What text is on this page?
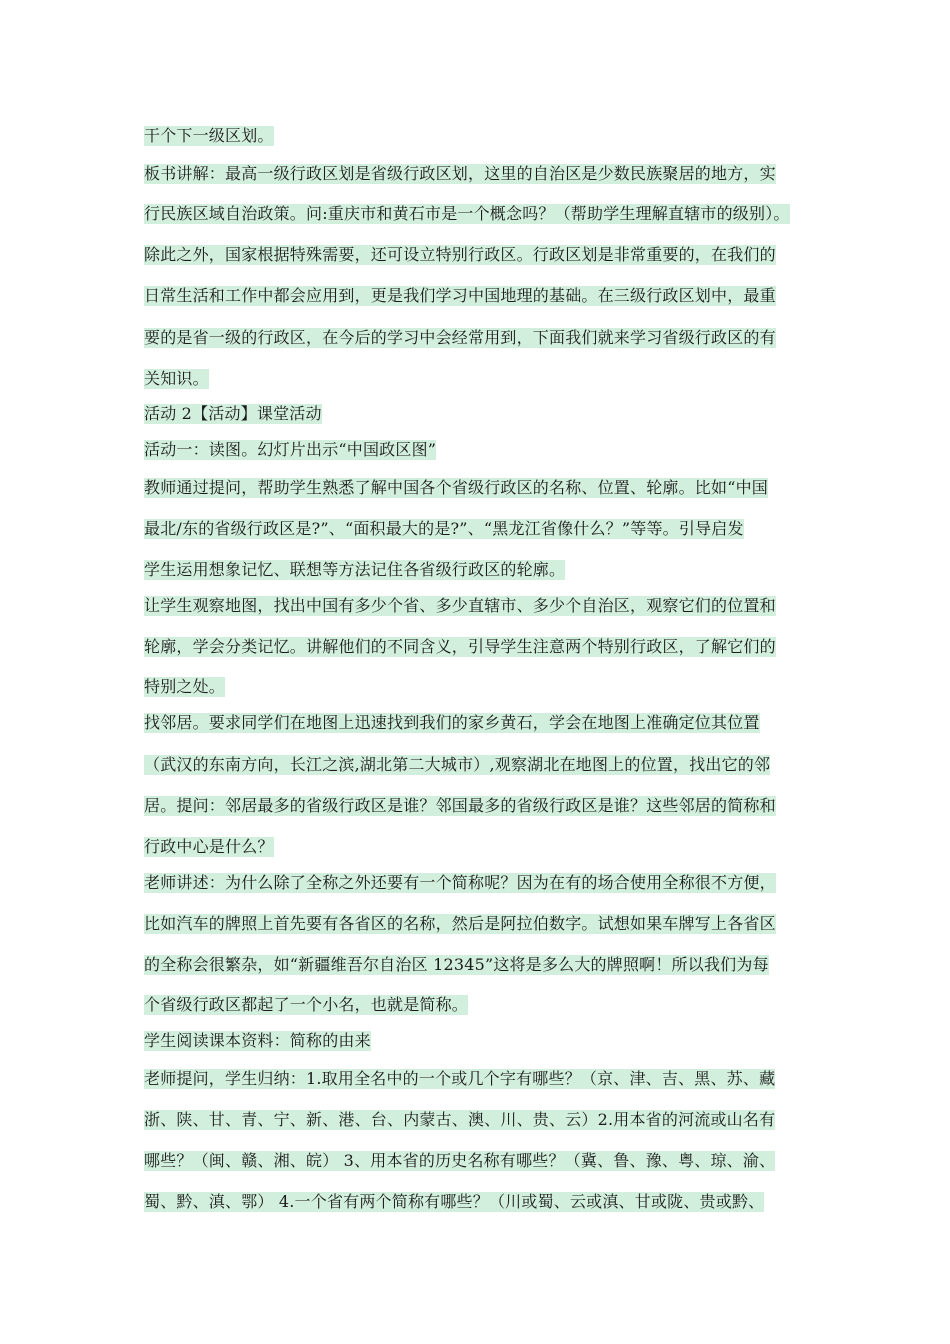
干个下一级区划。
板书讲解：最高一级行政区划是省级行政区划，这里的自治区是少数民族聚居的地方，实
行民族区域自治政策。问:重庆市和黄石市是一个概念吗？（帮助学生理解直辖市的级别）。
除此之外，国家根据特殊需要，还可设立特别行政区。行政区划是非常重要的，在我们的
日常生活和工作中都会应用到，更是我们学习中国地理的基础。在三级行政区划中，最重
要的是省一级的行政区，在今后的学习中会经常用到，下面我们就来学习省级行政区的有
关知识。
活动 2【活动】课堂活动
活动一：读图。幻灯片出示“中国政区图”
教师通过提问，帮助学生熟悉了解中国各个省级行政区的名称、位置、轮廓。比如“中国
最北/东的省级行政区是?”、“面积最大的是?”、“黑龙江省像什么？”等等。引导启发
学生运用想象记忆、联想等方法记住各省级行政区的轮廓。
让学生观察地图，找出中国有多少个省、多少直辖市、多少个自治区，观察它们的位置和
轮廓，学会分类记忆。讲解他们的不同含义，引导学生注意两个特别行政区，了解它们的
特别之处。
找邻居。要求同学们在地图上迅速找到我们的家乡黄石，学会在地图上准确定位其位置
（武汉的东南方向，长江之滨,湖北第二大城市）,观察湖北在地图上的位置，找出它的邻
居。提问：邻居最多的省级行政区是谁？邻国最多的省级行政区是谁？这些邻居的简称和
行政中心是什么？
老师讲述：为什么除了全称之外还要有一个简称呢？因为在有的场合使用全称很不方便，
比如汽车的牌照上首先要有各省区的名称，然后是阿拉伯数字。试想如果车牌写上各省区
的全称会很繁杂，如“新疆维吾尔自治区 12345”这将是多么大的牌照啊！所以我们为每
个省级行政区都起了一个小名，也就是简称。
学生阅读课本资料：简称的由来
老师提问，学生归纳：1.取用全名中的一个或几个字有哪些？（京、津、吉、黑、苏、藏
浙、陕、甘、青、宁、新、港、台、内蒙古、澳、川、贵、云）2.用本省的河流或山名有
哪些？（闽、赣、湘、皖） 3、用本省的历史名称有哪些？（冀、鲁、豫、粤、琼、渝、
蜀、黔、滇、鄂） 4.一个省有两个简称有哪些？（川或蜀、云或滇、甘或陇、贵或黔、
